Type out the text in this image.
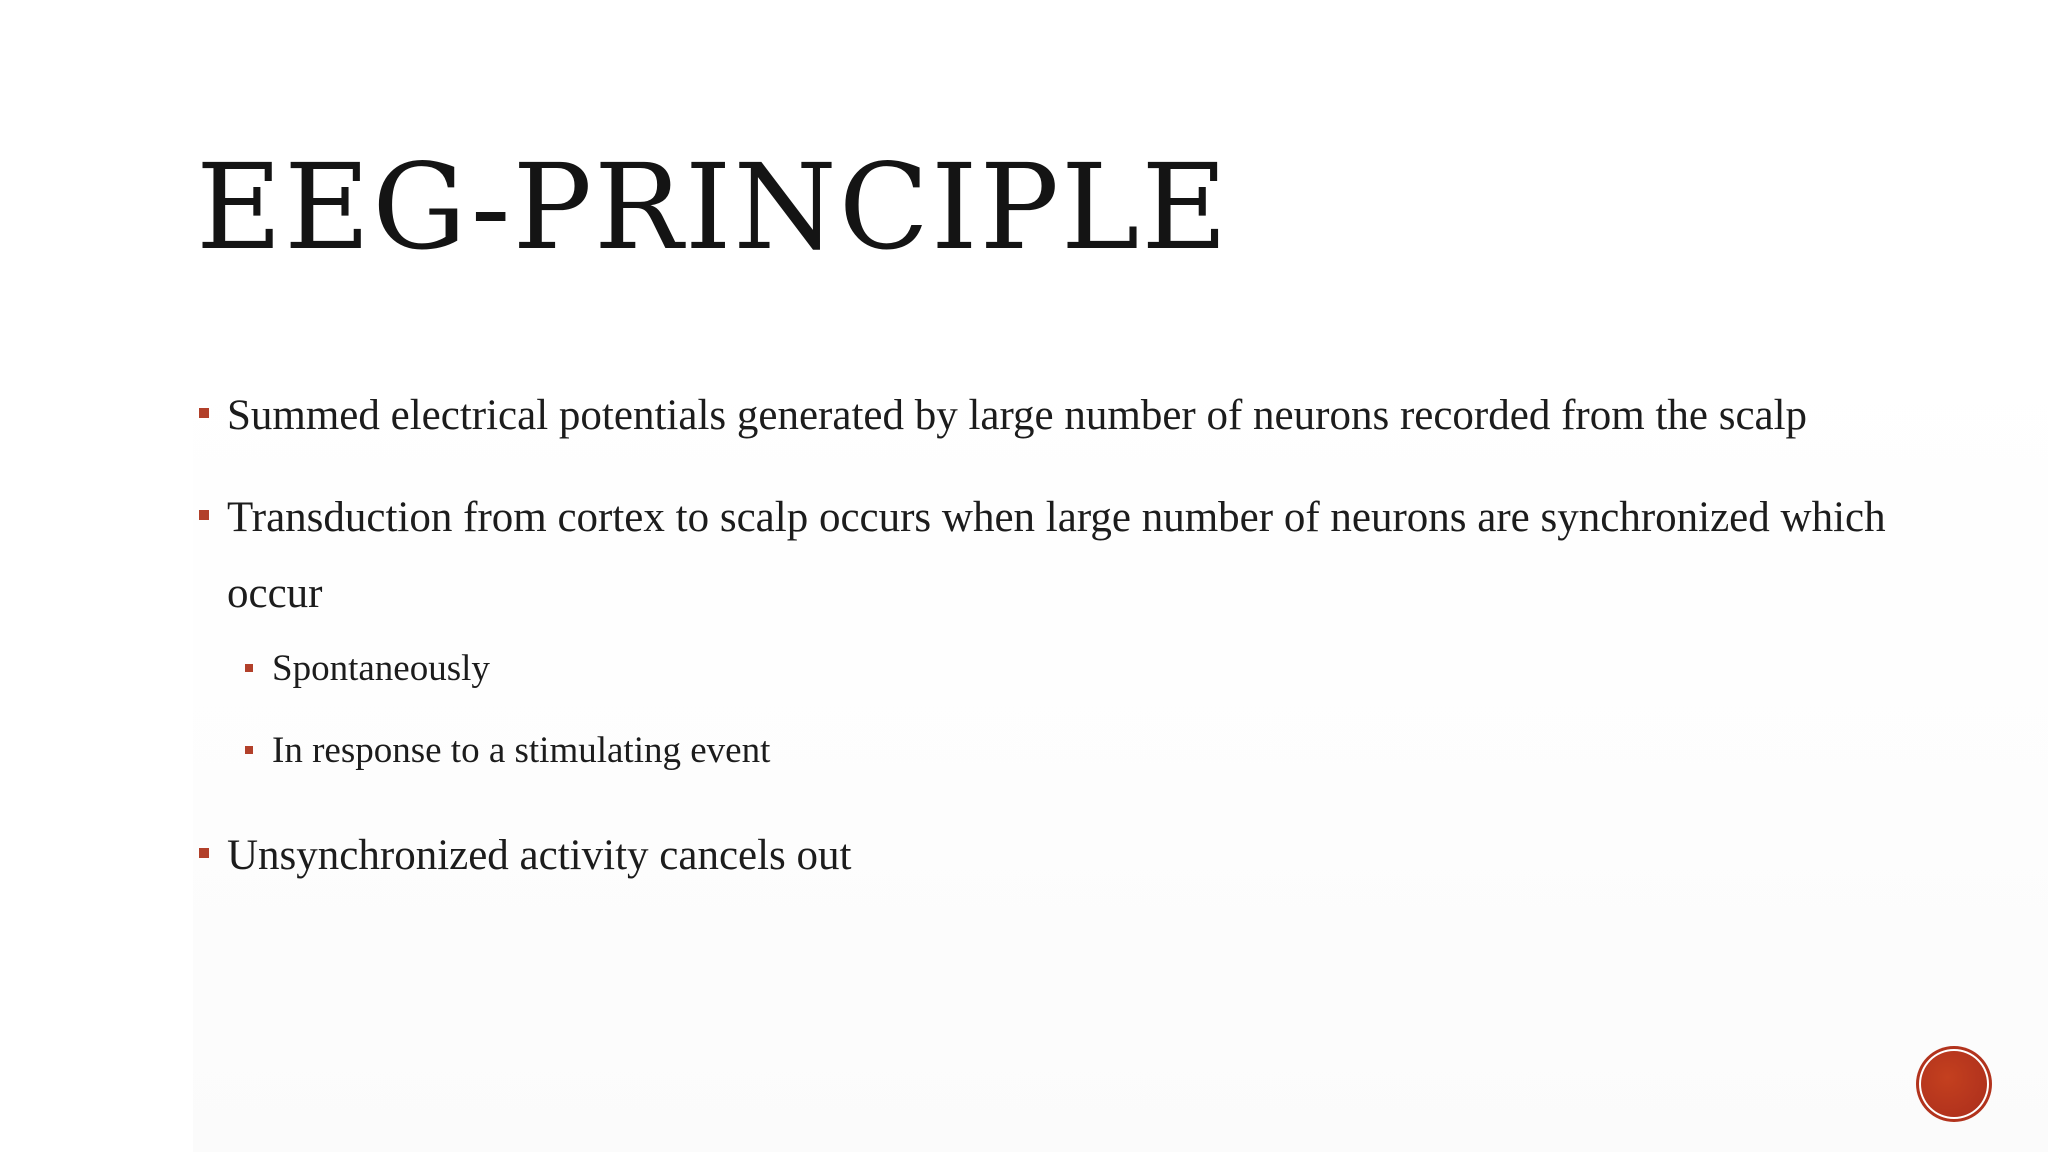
EEG-PRINCIPLE
Summed electrical potentials generated by large number of neurons recorded from the scalp
Transduction from cortex to scalp occurs when large number of neurons are synchronized which occur
Spontaneously
In response to a stimulating event
Unsynchronized activity cancels out
